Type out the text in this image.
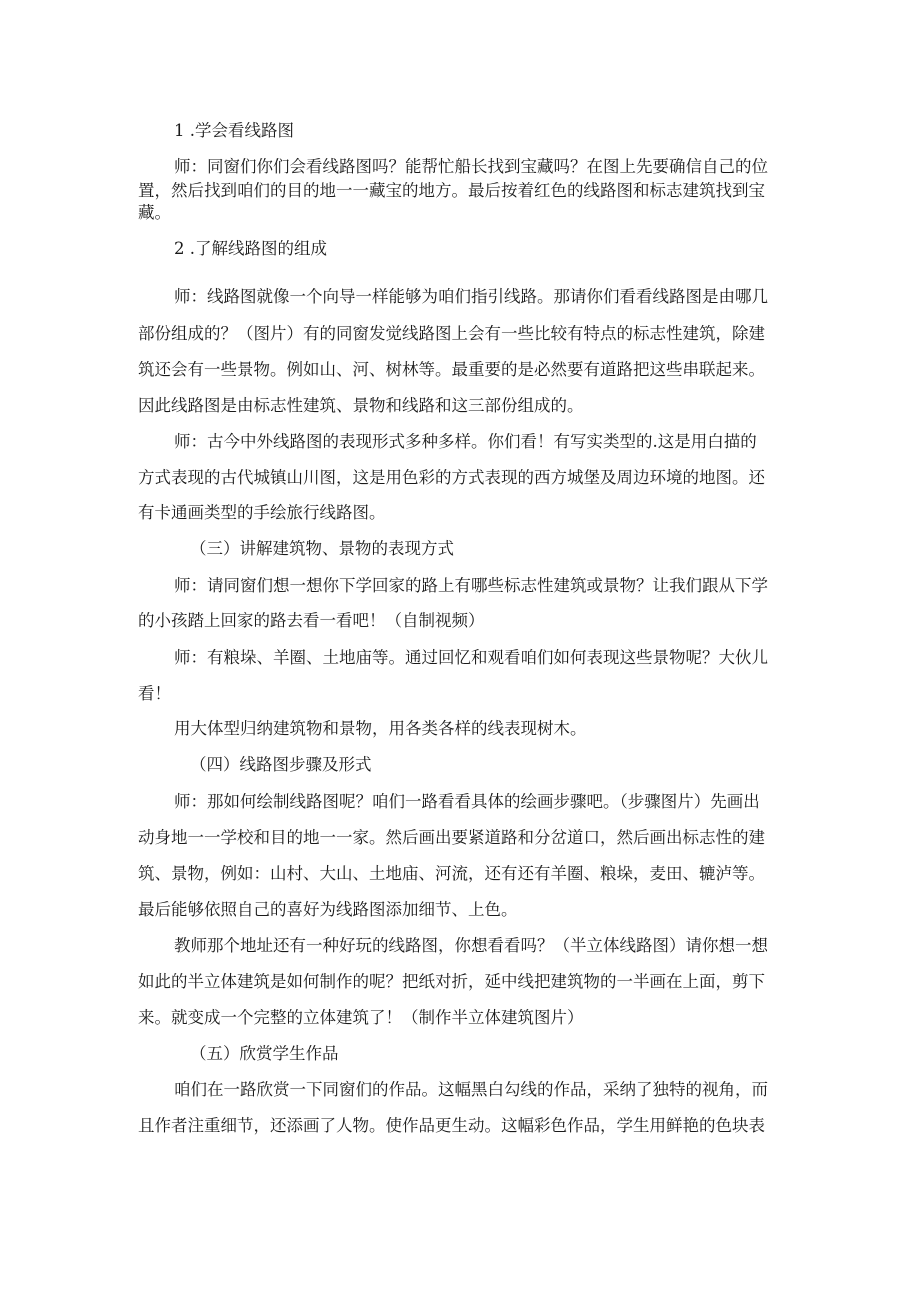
1 .学会看线路图
师：同窗们你们会看线路图吗？能帮忙船长找到宝藏吗？在图上先要确信自己的位
置，然后找到咱们的目的地一一藏宝的地方。最后按着红色的线路图和标志建筑找到宝
藏。
2 .了解线路图的组成
师：线路图就像一个向导一样能够为咱们指引线路。那请你们看看线路图是由哪几
部份组成的？（图片）有的同窗发觉线路图上会有一些比较有特点的标志性建筑，除建
筑还会有一些景物。例如山、河、树林等。最重要的是必然要有道路把这些串联起来。
因此线路图是由标志性建筑、景物和线路和这三部份组成的。
师：古今中外线路图的表现形式多种多样。你们看！有写实类型的.这是用白描的
方式表现的古代城镇山川图，这是用色彩的方式表现的西方城堡及周边环境的地图。还
有卡通画类型的手绘旅行线路图。
（三）讲解建筑物、景物的表现方式
师：请同窗们想一想你下学回家的路上有哪些标志性建筑或景物？让我们跟从下学
的小孩踏上回家的路去看一看吧！（自制视频）
师：有粮垛、羊圈、土地庙等。通过回忆和观看咱们如何表现这些景物呢？大伙儿
看！
用大体型归纳建筑物和景物，用各类各样的线表现树木。
（四）线路图步骤及形式
师：那如何绘制线路图呢？咱们一路看看具体的绘画步骤吧。（步骤图片）先画出
动身地一一学校和目的地一一家。然后画出要紧道路和分岔道口，然后画出标志性的建
筑、景物，例如：山村、大山、土地庙、河流，还有还有羊圈、粮垛，麦田、辘泸等。
最后能够依照自己的喜好为线路图添加细节、上色。
教师那个地址还有一种好玩的线路图，你想看看吗？（半立体线路图）请你想一想
如此的半立体建筑是如何制作的呢？把纸对折，延中线把建筑物的一半画在上面，剪下
来。就变成一个完整的立体建筑了！（制作半立体建筑图片）
（五）欣赏学生作品
咱们在一路欣赏一下同窗们的作品。这幅黑白勾线的作品，采纳了独特的视角，而
且作者注重细节，还添画了人物。使作品更生动。这幅彩色作品，学生用鲜艳的色块表
